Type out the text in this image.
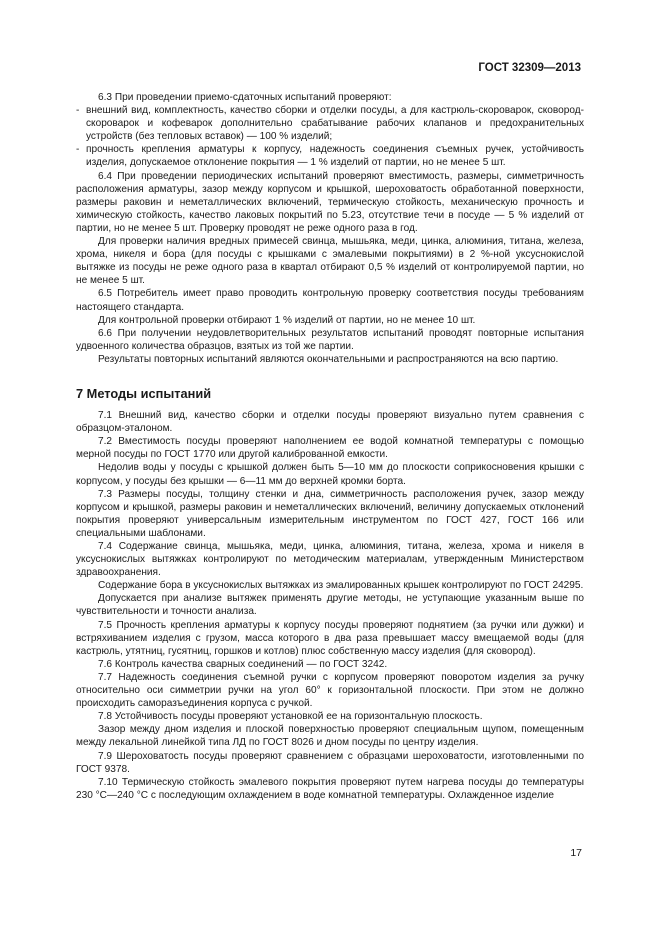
ГОСТ 32309—2013

6.3 При проведении приемо-сдаточных испытаний проверяют:

- внешний вид, комплектность, качество сборки и отделки посуды, а для кастрюль-скороварок, сковород-скороварок и кофеварок дополнительно срабатывание рабочих клапанов и предохранительных устройств (без тепловых вставок) — 100 % изделий;
- прочность крепления арматуры к корпусу, надежность соединения съемных ручек, устойчивость изделия, допускаемое отклонение покрытия — 1 % изделий от партии, но не менее 5 шт.

6.4 При проведении периодических испытаний проверяют вместимость, размеры, симметричность расположения арматуры, зазор между корпусом и крышкой, шероховатость обработанной поверхности, размеры раковин и неметаллических включений, термическую стойкость, механическую прочность и химическую стойкость, качество лаковых покрытий по 5.23, отсутствие течи в посуде — 5 % изделий от партии, но не менее 5 шт. Проверку проводят не реже одного раза в год.

Для проверки наличия вредных примесей свинца, мышьяка, меди, цинка, алюминия, титана, железа, хрома, никеля и бора (для посуды с крышками с эмалевыми покрытиями) в 2 %-ной уксуснокислой вытяжке из посуды не реже одного раза в квартал отбирают 0,5 % изделий от контролируемой партии, но не менее 5 шт.

6.5 Потребитель имеет право проводить контрольную проверку соответствия посуды требованиям настоящего стандарта.

Для контрольной проверки отбирают 1 % изделий от партии, но не менее 10 шт.

6.6 При получении неудовлетворительных результатов испытаний проводят повторные испытания удвоенного количества образцов, взятых из той же партии.

Результаты повторных испытаний являются окончательными и распространяются на всю партию.

7 Методы испытаний

7.1 Внешний вид, качество сборки и отделки посуды проверяют визуально путем сравнения с образцом-эталоном.

7.2 Вместимость посуды проверяют наполнением ее водой комнатной температуры с помощью мерной посуды по ГОСТ 1770 или другой калиброванной емкости.

Недолив воды у посуды с крышкой должен быть 5—10 мм до плоскости соприкосновения крышки с корпусом, у посуды без крышки — 6—11 мм до верхней кромки борта.

7.3 Размеры посуды, толщину стенки и дна, симметричность расположения ручек, зазор между корпусом и крышкой, размеры раковин и неметаллических включений, величину допускаемых отклонений покрытия проверяют универсальным измерительным инструментом по ГОСТ 427, ГОСТ 166 или специальными шаблонами.

7.4 Содержание свинца, мышьяка, меди, цинка, алюминия, титана, железа, хрома и никеля в уксуснокислых вытяжках контролируют по методическим материалам, утвержденным Министерством здравоохранения.

Содержание бора в уксуснокислых вытяжках из эмалированных крышек контролируют по ГОСТ 24295.

Допускается при анализе вытяжек применять другие методы, не уступающие указанным выше по чувствительности и точности анализа.

7.5 Прочность крепления арматуры к корпусу посуды проверяют поднятием (за ручки или дужки) и встряхиванием изделия с грузом, масса которого в два раза превышает массу вмещаемой воды (для кастрюль, утятниц, гусятниц, горшков и котлов) плюс собственную массу изделия (для сковород).

7.6 Контроль качества сварных соединений — по ГОСТ 3242.

7.7 Надежность соединения съемной ручки с корпусом проверяют поворотом изделия за ручку относительно оси симметрии ручки на угол 60° к горизонтальной плоскости. При этом не должно происходить саморазъединения корпуса с ручкой.

7.8 Устойчивость посуды проверяют установкой ее на горизонтальную плоскость.

Зазор между дном изделия и плоской поверхностью проверяют специальным щупом, помещенным между лекальной линейкой типа ЛД по ГОСТ 8026 и дном посуды по центру изделия.

7.9 Шероховатость посуды проверяют сравнением с образцами шероховатости, изготовленными по ГОСТ 9378.

7.10 Термическую стойкость эмалевого покрытия проверяют путем нагрева посуды до температуры 230 °С—240 °С с последующим охлаждением в воде комнатной температуры. Охлажденное изделие

17
